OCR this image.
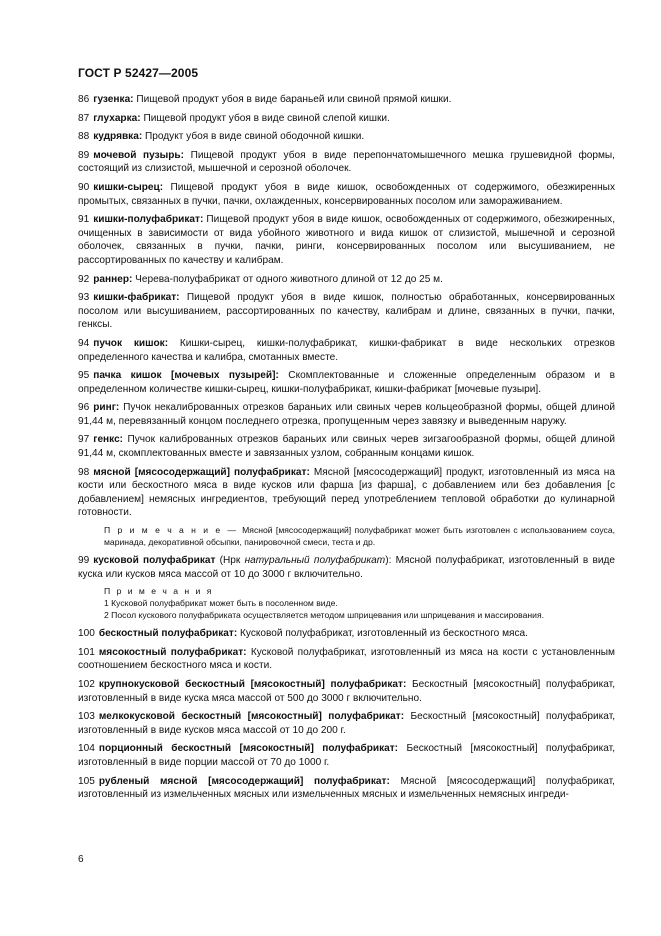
ГОСТ Р 52427—2005

86 гузенка: Пищевой продукт убоя в виде бараньей или свиной прямой кишки.

87 глухарка: Пищевой продукт убоя в виде свиной слепой кишки.

88 кудрявка: Продукт убоя в виде свиной ободочной кишки.

89 мочевой пузырь: Пищевой продукт убоя в виде перепончатомышечного мешка грушевидной формы, состоящий из слизистой, мышечной и серозной оболочек.

90 кишки-сырец: Пищевой продукт убоя в виде кишок, освобожденных от содержимого, обезжиренных промытых, связанных в пучки, пачки, охлажденных, консервированных посолом или замораживанием.

91 кишки-полуфабрикат: Пищевой продукт убоя в виде кишок, освобожденных от содержимого, обезжиренных, очищенных в зависимости от вида убойного животного и вида кишок от слизистой, мышечной и серозной оболочек, связанных в пучки, пачки, ринги, консервированных посолом или высушиванием, не рассортированных по качеству и калибрам.

92 раннер: Черева-полуфабрикат от одного животного длиной от 12 до 25 м.

93 кишки-фабрикат: Пищевой продукт убоя в виде кишок, полностью обработанных, консервированных посолом или высушиванием, рассортированных по качеству, калибрам и длине, связанных в пучки, пачки, генксы.

94 пучок кишок: Кишки-сырец, кишки-полуфабрикат, кишки-фабрикат в виде нескольких отрезков определенного качества и калибра, смотанных вместе.

95 пачка кишок [мочевых пузырей]: Скомплектованные и сложенные определенным образом и в определенном количестве кишки-сырец, кишки-полуфабрикат, кишки-фабрикат [мочевые пузыри].

96 ринг: Пучок некалиброванных отрезков бараньих или свиных черев кольцеобразной формы, общей длиной 91,44 м, перевязанный концом последнего отрезка, пропущенным через завязку и выведенным наружу.

97 генкс: Пучок калиброванных отрезков бараньих или свиных черев зигзагообразной формы, общей длиной 91,44 м, скомплектованных вместе и завязанных узлом, собранным концами кишок.

98 мясной [мясосодержащий] полуфабрикат: Мясной [мясосодержащий] продукт, изготовленный из мяса на кости или бескостного мяса в виде кусков или фарша [из фарша], с добавлением или без добавления [с добавлением] немясных ингредиентов, требующий перед употреблением тепловой обработки до кулинарной готовности.

П р и м е ч а н и е — Мясной [мясосодержащий] полуфабрикат может быть изготовлен с использованием соуса, маринада, декоративной обсыпки, панировочной смеси, теста и др.

99 кусковой полуфабрикат (Нрк натуральный полуфабрикат): Мясной полуфабрикат, изготовленный в виде куска или кусков мяса массой от 10 до 3000 г включительно.

П р и м е ч а н и я

1 Кусковой полуфабрикат может быть в посоленном виде.

2 Посол кускового полуфабриката осуществляется методом шприцевания или шприцевания и массирования.

100 бескостный полуфабрикат: Кусковой полуфабрикат, изготовленный из бескостного мяса.

101 мясокостный полуфабрикат: Кусковой полуфабрикат, изготовленный из мяса на кости с установленным соотношением бескостного мяса и кости.

102 крупнокусковой бескостный [мясокостный] полуфабрикат: Бескостный [мясокостный] полуфабрикат, изготовленный в виде куска мяса массой от 500 до 3000 г включительно.

103 мелкокусковой бескостный [мясокостный] полуфабрикат: Бескостный [мясокостный] полуфабрикат, изготовленный в виде кусков мяса массой от 10 до 200 г.

104 порционный бескостный [мясокостный] полуфабрикат: Бескостный [мясокостный] полуфабрикат, изготовленный в виде порции массой от 70 до 1000 г.

105 рубленый мясной [мясосодержащий] полуфабрикат: Мясной [мясосодержащий] полуфабрикат, изготовленный из измельченных мясных или измельченных мясных и измельченных немясных ингреди-

6
